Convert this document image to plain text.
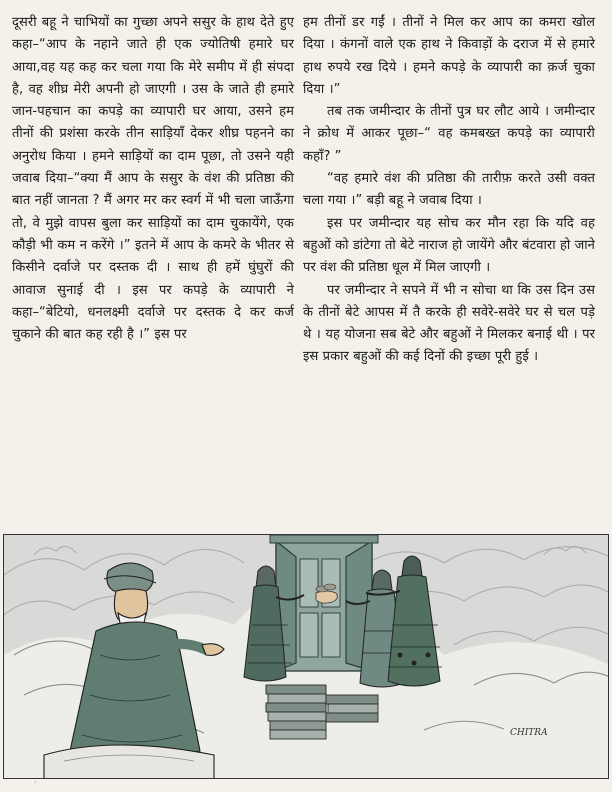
दूसरी बहू ने चाभियों का गुच्छा अपने ससुर के हाथ देते हुए कहा–“आप के नहाने जाते ही एक ज्योतिषी हमारे घर आया,वह यह कह कर चला गया कि मेरे समीप में ही संपदा है, वह शीघ्र मेरी अपनी हो जाएगी । उस के जाते ही हमारे जान-पहचान का कपड़े का व्यापारी घर आया, उसने हम तीनों की प्रशंसा करके तीन साड़ियाँ देकर शीघ्र पहनने का अनुरोध किया । हमने साड़ियों का दाम पूछा, तो उसने यही जवाब दिया–“क्या मैं आप के ससुर के वंश की प्रतिष्ठा की बात नहीं जानता ? मैं अगर मर कर स्वर्ग में भी चला जाऊँगा तो, वे मुझे वापस बुला कर साड़ियों का दाम चुकायेंगे, एक कौड़ी भी कम न करेंगे ।” इतने में आप के कमरे के भीतर से किसीने दर्वाजे पर दस्तक दी । साथ ही हमें घुंघुरों की आवाज सुनाई दी । इस पर कपड़े के व्यापारी ने कहा–“बेटियो, धनलक्ष्मी दर्वाजे पर दस्तक दे कर कर्ज चुकाने की बात कह रही है ।” इस पर

हम तीनों डर गईं । तीनों ने मिल कर आप का कमरा खोल दिया । कंगनों वाले एक हाथ ने किवाड़ों के दराज में से हमारे हाथ रुपये रख दिये । हमने कपड़े के व्यापारी का क़र्ज चुका दिया ।”

तब तक जमीन्दार के तीनों पुत्र घर लौट आये । जमीन्दार ने क्रोध में आकर पूछा–“ वह कमबख्त कपड़े का व्यापारी कहाँ? ”

“वह हमारे वंश की प्रतिष्ठा की तारीफ़ करते उसी वक्त चला गया ।” बड़ी बहू ने जवाब दिया ।

इस पर जमीन्दार यह सोच कर मौन रहा कि यदि वह बहुओं को डांटेगा तो बेटे नाराज हो जायेंगे और बंटवारा हो जाने पर वंश की प्रतिष्ठा धूल में मिल जाएगी ।

पर जमीन्दार ने सपने में भी न सोचा था कि उस दिन उस के तीनों बेटे आपस में तै करके ही सवेरे-सवेरे घर से चल पड़े थे । यह योजना सब बेटे और बहुओं ने मिलकर बनाई थी । पर इस प्रकार बहुओं की कई दिनों की इच्छा पूरी हुई ।

CHITRA
·
